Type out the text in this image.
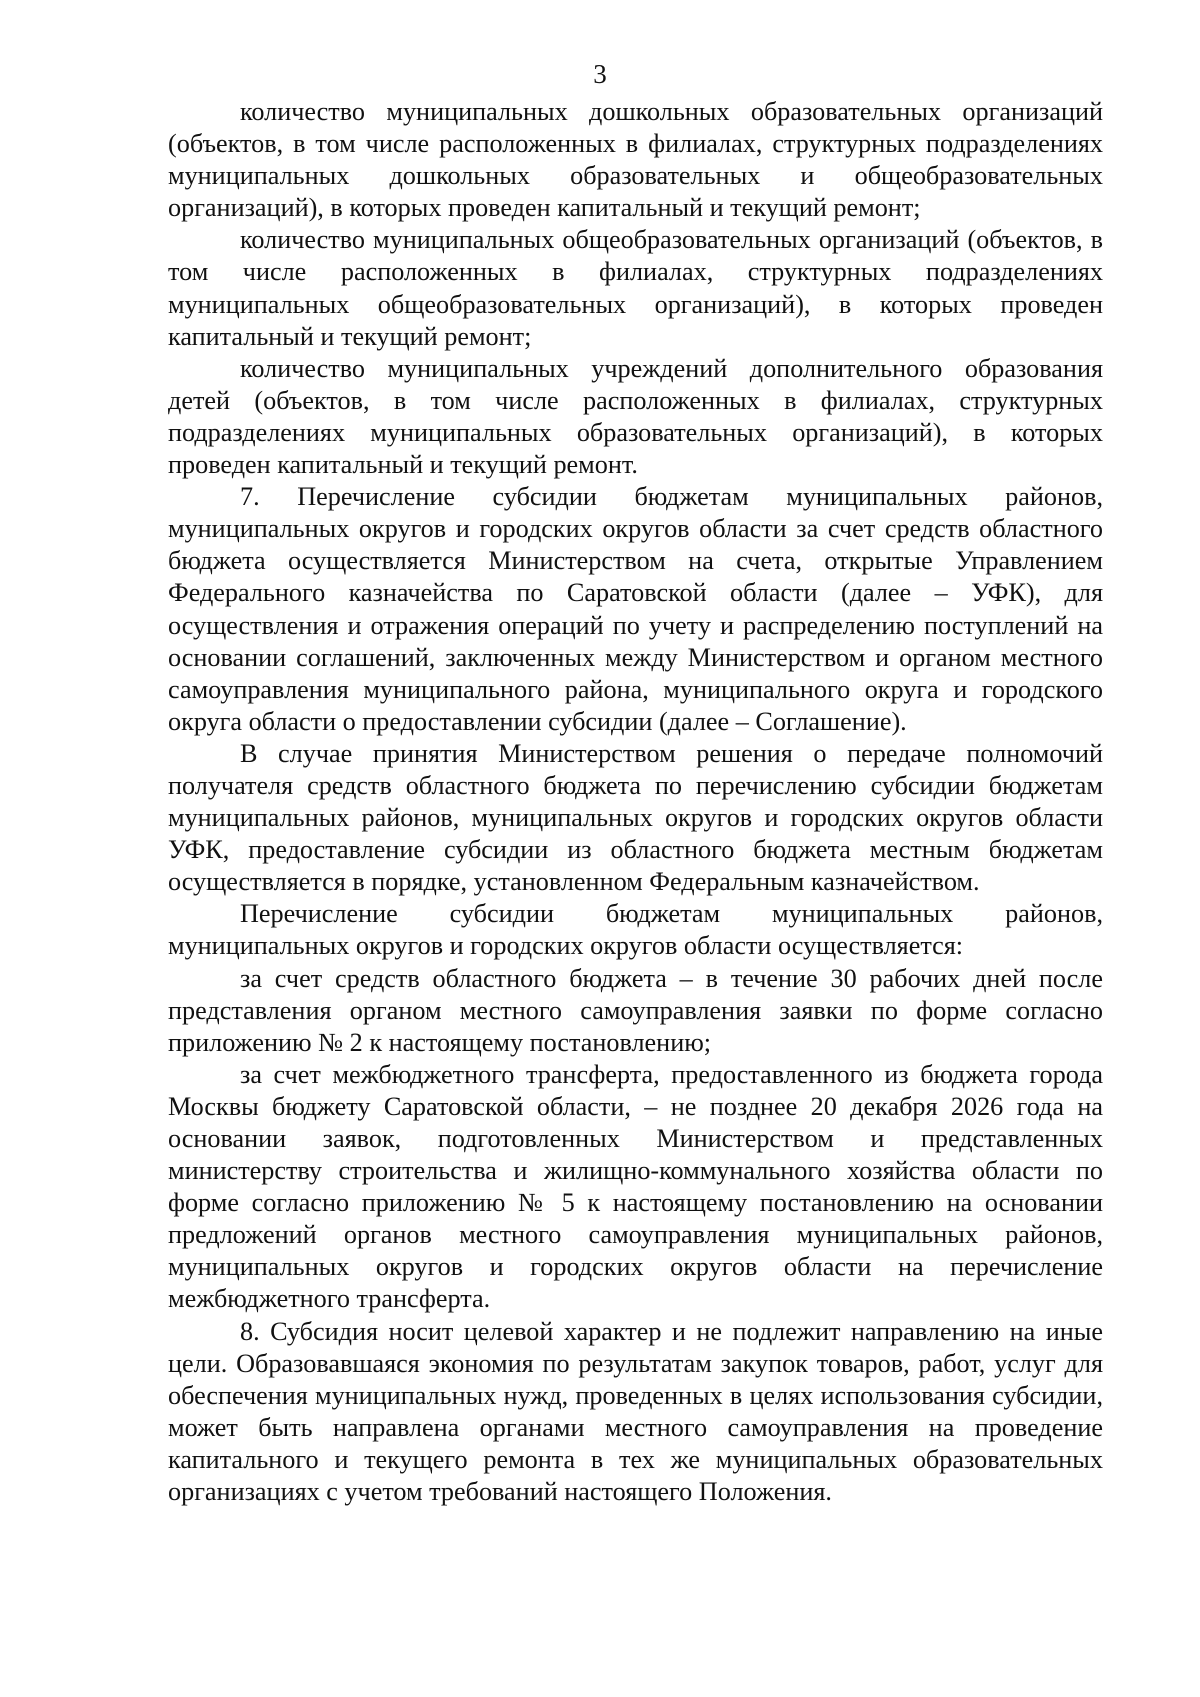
3

количество муниципальных дошкольных образовательных организаций (объектов, в том числе расположенных в филиалах, структурных подразделениях муниципальных дошкольных образовательных и общеобразовательных организаций), в которых проведен капитальный и текущий ремонт;

количество муниципальных общеобразовательных организаций (объектов, в том числе расположенных в филиалах, структурных подразделениях муниципальных общеобразовательных организаций), в которых проведен капитальный и текущий ремонт;

количество муниципальных учреждений дополнительного образования детей (объектов, в том числе расположенных в филиалах, структурных подразделениях муниципальных образовательных организаций), в которых проведен капитальный и текущий ремонт.

7. Перечисление субсидии бюджетам муниципальных районов, муниципальных округов и городских округов области за счет средств областного бюджета осуществляется Министерством на счета, открытые Управлением Федерального казначейства по Саратовской области (далее – УФК), для осуществления и отражения операций по учету и распределению поступлений на основании соглашений, заключенных между Министерством и органом местного самоуправления муниципального района, муниципального округа и городского округа области о предоставлении субсидии (далее – Соглашение).

В случае принятия Министерством решения о передаче полномочий получателя средств областного бюджета по перечислению субсидии бюджетам муниципальных районов, муниципальных округов и городских округов области УФК, предоставление субсидии из областного бюджета местным бюджетам осуществляется в порядке, установленном Федеральным казначейством.

Перечисление субсидии бюджетам муниципальных районов, муниципальных округов и городских округов области осуществляется:

за счет средств областного бюджета – в течение 30 рабочих дней после представления органом местного самоуправления заявки по форме согласно приложению № 2 к настоящему постановлению;

за счет межбюджетного трансферта, предоставленного из бюджета города Москвы бюджету Саратовской области, – не позднее 20 декабря 2026 года на основании заявок, подготовленных Министерством и представленных министерству строительства и жилищно-коммунального хозяйства области по форме согласно приложению № 5 к настоящему постановлению на основании предложений органов местного самоуправления муниципальных районов, муниципальных округов и городских округов области на перечисление межбюджетного трансферта.

8. Субсидия носит целевой характер и не подлежит направлению на иные цели. Образовавшаяся экономия по результатам закупок товаров, работ, услуг для обеспечения муниципальных нужд, проведенных в целях использования субсидии, может быть направлена органами местного самоуправления на проведение капитального и текущего ремонта в тех же муниципальных образовательных организациях с учетом требований настоящего Положения.
